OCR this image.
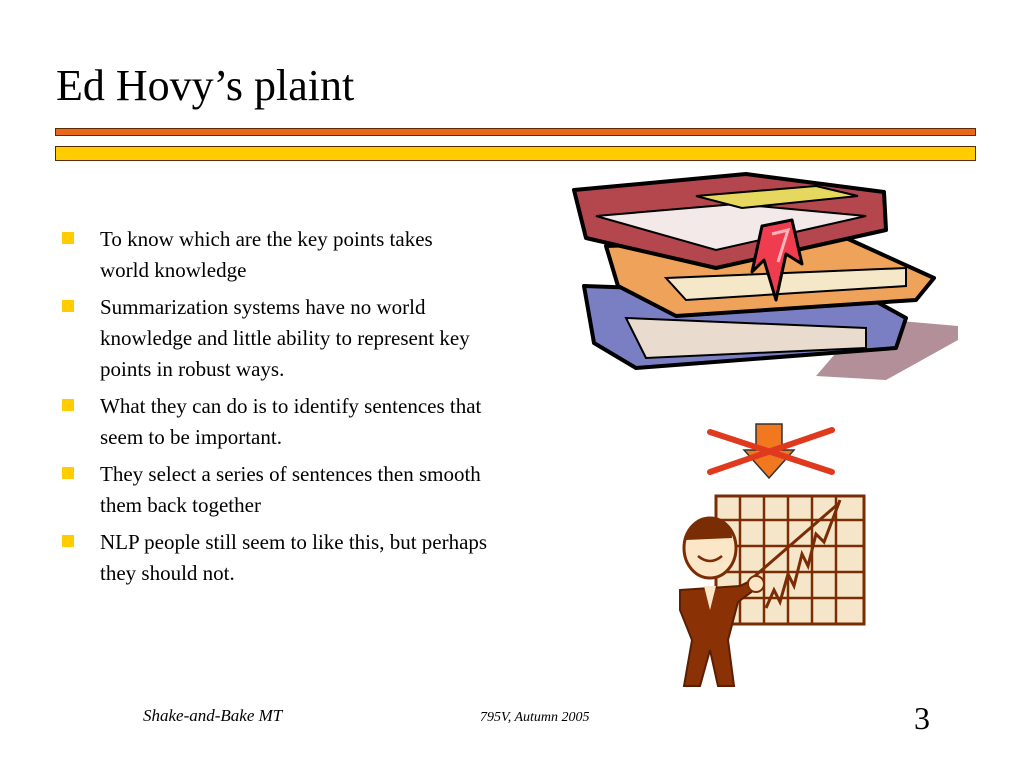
Ed Hovy’s plaint
To know which are the key points takes world knowledge
Summarization systems have no world knowledge and little ability to represent key points in robust ways.
What they can do is to identify sentences that seem to be important.
They select a series of sentences then smooth them back together
NLP people still seem to like this, but perhaps they should not.
Shake-and-Bake MT	795V, Autumn 2005	3
